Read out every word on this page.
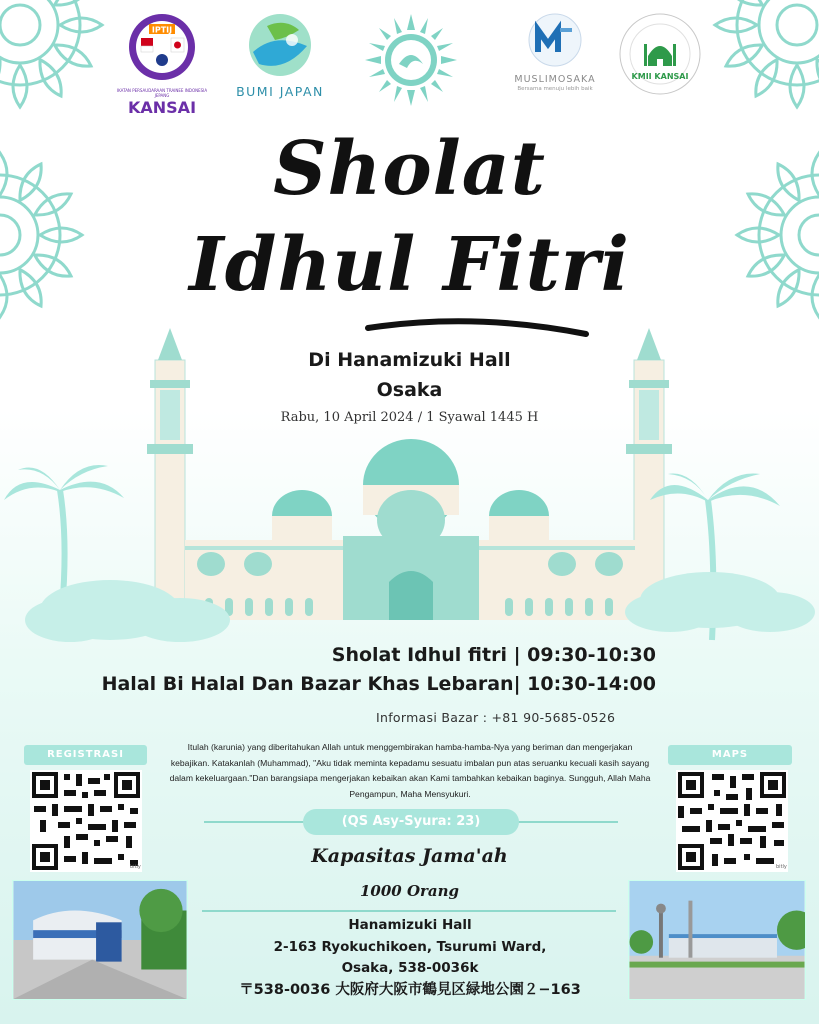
IPTIJ
IKATAN PERSAUDARAAN TRAINEE INDONESIA JEPANG
KANSAI
BUMI JAPAN
MUSLIMOSAKA
Bersama menuju lebih baik
KMII KANSAI
Sholat
Idhul Fitri
Di Hanamizuki Hall
Osaka
Rabu, 10 April 2024 / 1 Syawal 1445 H
Sholat Idhul fitri | 09:30-10:30
Halal Bi Halal Dan Bazar Khas Lebaran| 10:30-14:00
Informasi Bazar : +81 90-5685-0526
REGISTRASI	MAPS
bitly	bitly
Itulah (karunia) yang diberitahukan Allah untuk menggembirakan hamba-hamba-Nya yang beriman dan mengerjakan kebajikan. Katakanlah (Muhammad), "Aku tidak meminta kepadamu sesuatu imbalan pun atas seruanku kecuali kasih sayang dalam kekeluargaan."Dan barangsiapa mengerjakan kebaikan akan Kami tambahkan kebaikan baginya. Sungguh, Allah Maha Pengampun, Maha Mensyukuri.
(QS Asy-Syura: 23)
Kapasitas Jama'ah
1000 Orang
Hanamizuki Hall
2-163 Ryokuchikoen, Tsurumi Ward,
Osaka, 538-0036k
〒538-0036 大阪府大阪市鶴見区緑地公園２−163
